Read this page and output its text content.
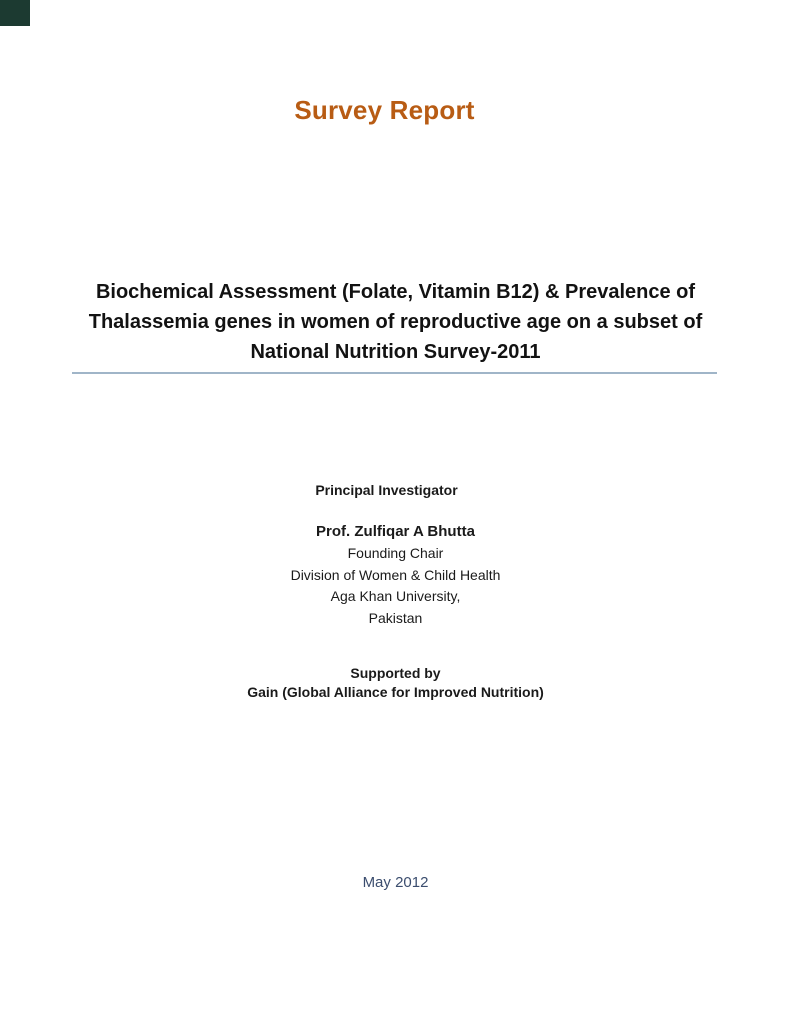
Survey Report
Biochemical Assessment (Folate, Vitamin B12) & Prevalence of
Thalassemia genes in women of reproductive age on a subset of
National Nutrition Survey-2011
Principal Investigator
Prof. Zulfiqar A Bhutta
Founding Chair
Division of Women & Child Health
Aga Khan University,
Pakistan
Supported by
Gain (Global Alliance for Improved Nutrition)
May 2012
